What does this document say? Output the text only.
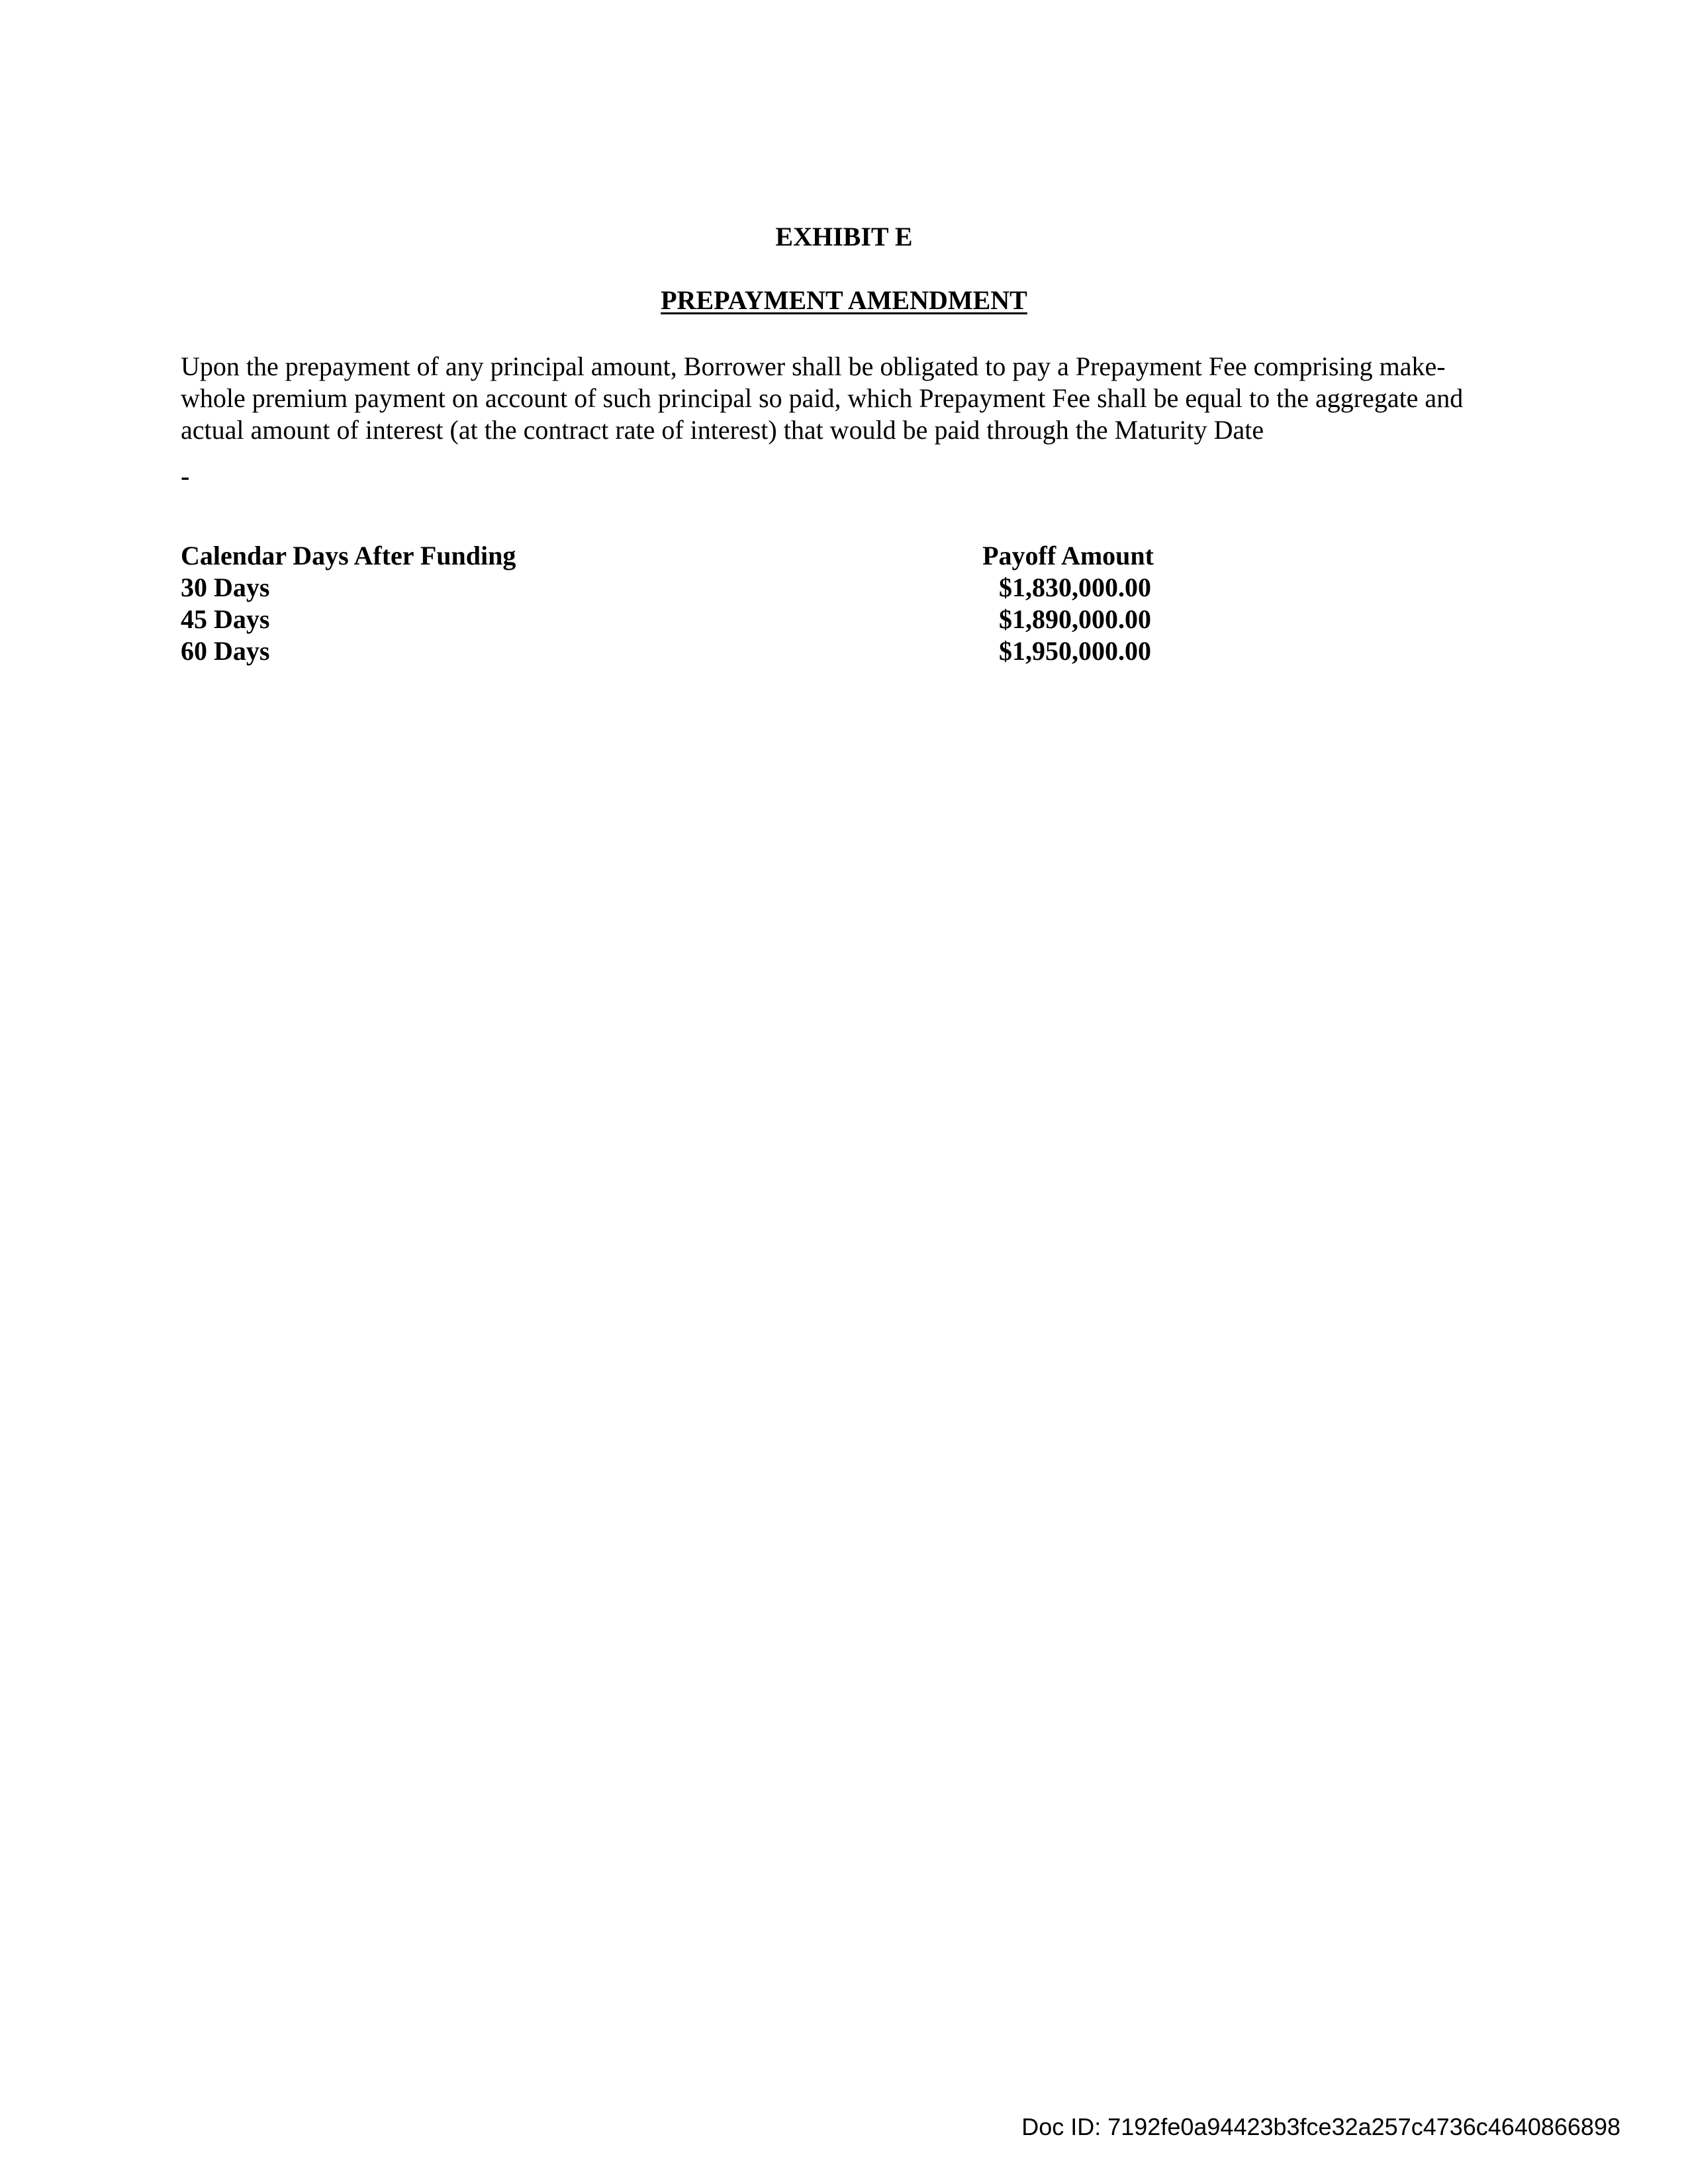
EXHIBIT E
PREPAYMENT AMENDMENT

Upon the prepayment of any principal amount, Borrower shall be obligated to pay a Prepayment Fee comprising make-
whole premium payment on account of such principal so paid, which Prepayment Fee shall be equal to the aggregate and
actual amount of interest (at the contract rate of interest) that would be paid through the Maturity Date

-

Calendar Days After Funding	Payoff Amount
30 Days	$1,830,000.00
45 Days	$1,890,000.00
60 Days	$1,950,000.00

Doc ID: 7192fe0a94423b3fce32a257c4736c4640866898
